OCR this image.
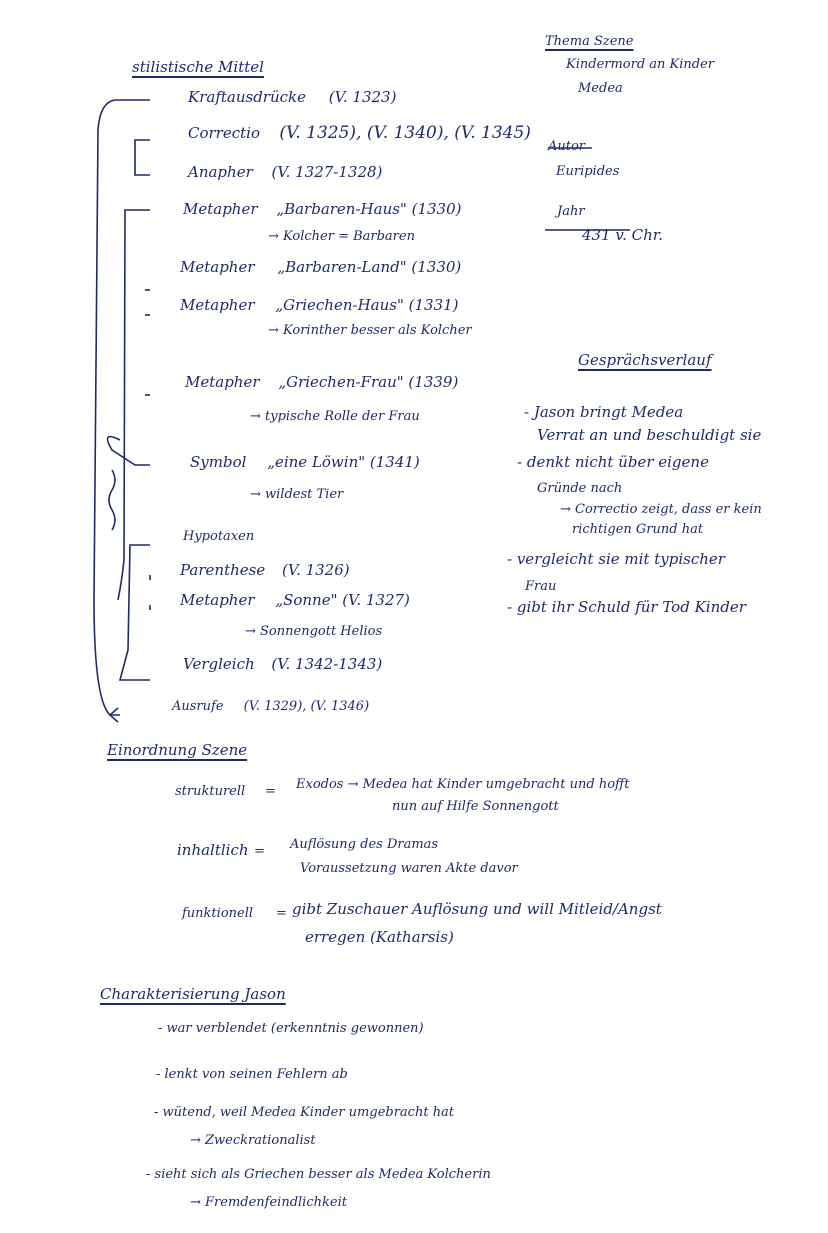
stilistische Mittel
Kraftausdrücke (V. 1323)
Correctio (V. 1325), (V. 1340), (V. 1345)
Anapher (V. 1327-1328)
Metapher „Barbaren-Haus" (1330)
→ Kolcher = Barbaren
Metapher „Barbaren-Land" (1330)
Metapher „Griechen-Haus" (1331)
→ Korinther besser als Kolcher
Metapher „Griechen-Frau" (1339)
→ typische Rolle der Frau
Symbol „eine Löwin" (1341)
→ wildest Tier
Hypotaxen
Parenthese (V. 1326)
Metapher „Sonne" (V. 1327)
→ Sonnengott Helios
Vergleich (V. 1342-1343)
Ausrufe (V. 1329), (V. 1346)
Thema Szene
Kindermord an Kinder
Medea
Autor
Euripides
Jahr
431 v. Chr.
Gesprächsverlauf
- Jason bringt Medea
Verrat an und beschuldigt sie
- denkt nicht über eigene
Gründe nach
→ Correctio zeigt, dass er kein
richtigen Grund hat
- vergleicht sie mit typischer
Frau
- gibt ihr Schuld für Tod Kinder
Einordnung Szene
strukturell = Exodos → Medea hat Kinder umgebracht und hofft
nun auf Hilfe Sonnengott
inhaltlich = Auflösung des Dramas
Voraussetzung waren Akte davor
funktionell = gibt Zuschauer Auflösung und will Mitleid/Angst
erregen (Katharsis)
Charakterisierung Jason
- war verblendet (erkenntnis gewonnen)
- lenkt von seinen Fehlern ab
- wütend, weil Medea Kinder umgebracht hat
→ Zweckrationalist
- sieht sich als Griechen besser als Medea Kolcherin
→ Fremdenfeindlichkeit
